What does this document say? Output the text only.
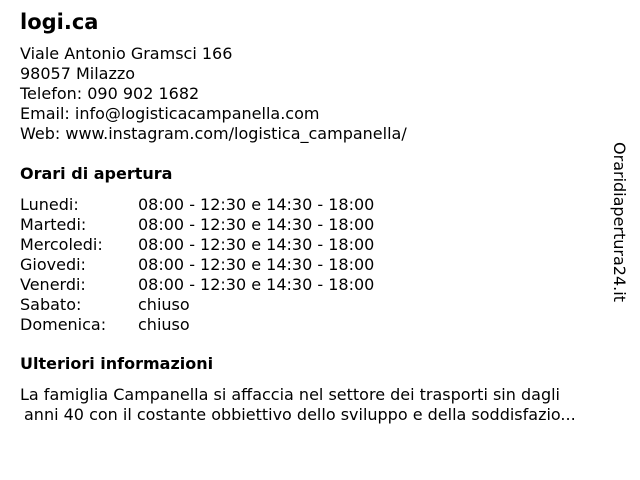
logi.ca
Viale Antonio Gramsci 166
98057 Milazzo
Telefon: 090 902 1682
Email: info@logisticacampanella.com
Web: www.instagram.com/logistica_campanella/
Orari di apertura
Lunedi:	08:00 - 12:30 e 14:30 - 18:00
Martedi:	08:00 - 12:30 e 14:30 - 18:00
Mercoledi:	08:00 - 12:30 e 14:30 - 18:00
Giovedi:	08:00 - 12:30 e 14:30 - 18:00
Venerdi:	08:00 - 12:30 e 14:30 - 18:00
Sabato:	chiuso
Domenica:	chiuso
Ulteriori informazioni
La famiglia Campanella si affaccia nel settore dei trasporti sin dagli
anni 40 con il costante obbiettivo dello sviluppo e della soddisfazio...
Oraridiapertura24.it
